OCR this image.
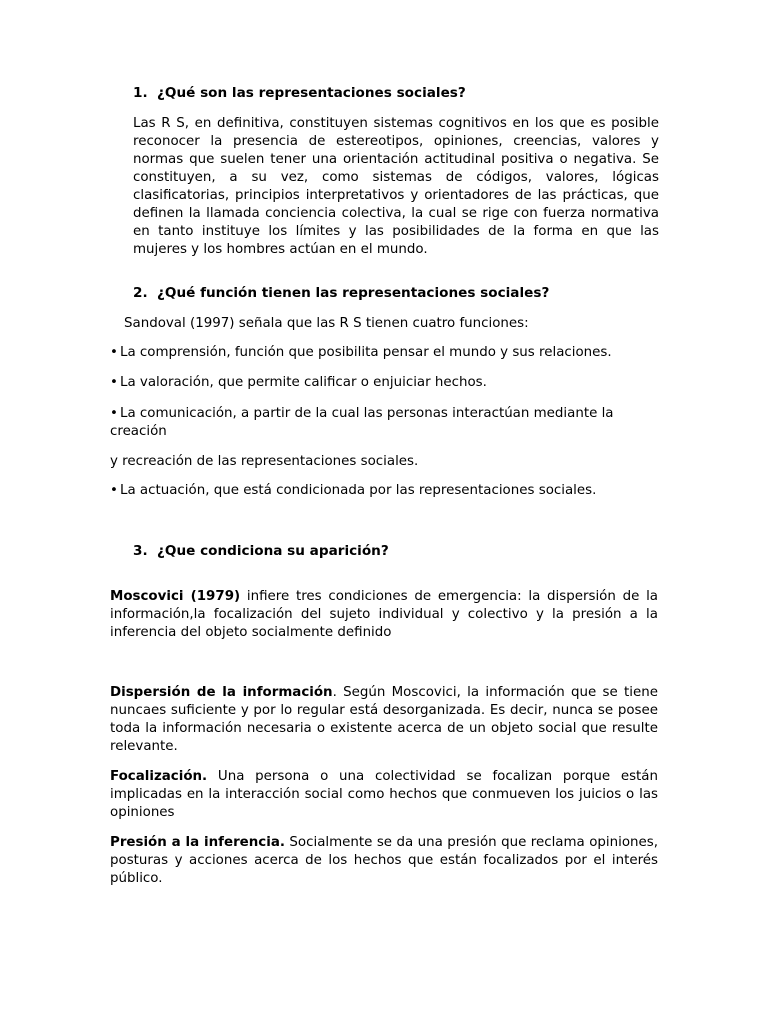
1. ¿Qué son las representaciones sociales?
Las R S, en definitiva, constituyen sistemas cognitivos en los que es posible reconocer la presencia de estereotipos, opiniones, creencias, valores y normas que suelen tener una orientación actitudinal positiva o negativa. Se constituyen, a su vez, como sistemas de códigos, valores, lógicas clasificatorias, principios interpretativos y orientadores de las prácticas, que definen la llamada conciencia colectiva, la cual se rige con fuerza normativa en tanto instituye los límites y las posibilidades de la forma en que las mujeres y los hombres actúan en el mundo.
2. ¿Qué función tienen las representaciones sociales?
Sandoval (1997) señala que las R S tienen cuatro funciones:
• La comprensión, función que posibilita pensar el mundo y sus relaciones.
• La valoración, que permite calificar o enjuiciar hechos.
• La comunicación, a partir de la cual las personas interactúan mediante la creación
y recreación de las representaciones sociales.
• La actuación, que está condicionada por las representaciones sociales.
3. ¿Que condiciona su aparición?
Moscovici (1979) infiere tres condiciones de emergencia: la dispersión de la información,la focalización del sujeto individual y colectivo y la presión a la inferencia del objeto socialmente definido
Dispersión de la información. Según Moscovici, la información que se tiene nuncaes suficiente y por lo regular está desorganizada. Es decir, nunca se posee toda la información necesaria o existente acerca de un objeto social que resulte relevante.
Focalización. Una persona o una colectividad se focalizan porque están implicadas en la interacción social como hechos que conmueven los juicios o las opiniones
Presión a la inferencia. Socialmente se da una presión que reclama opiniones, posturas y acciones acerca de los hechos que están focalizados por el interés público.
